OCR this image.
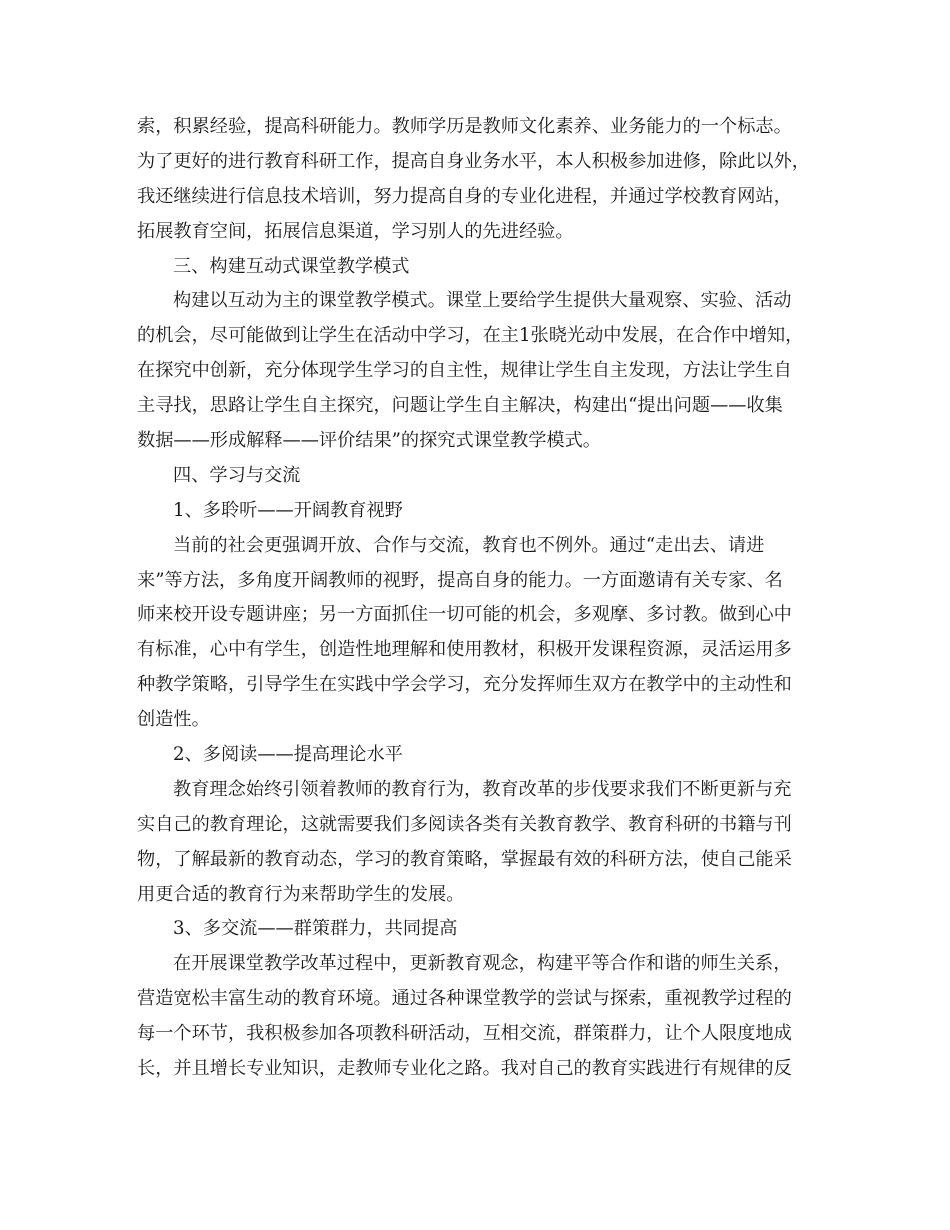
索，积累经验，提高科研能力。教师学历是教师文化素养、业务能力的一个标志。
为了更好的进行教育科研工作，提高自身业务水平，本人积极参加进修，除此以外，
我还继续进行信息技术培训，努力提高自身的专业化进程，并通过学校教育网站，
拓展教育空间，拓展信息渠道，学习别人的先进经验。
三、构建互动式课堂教学模式
构建以互动为主的课堂教学模式。课堂上要给学生提供大量观察、实验、活动
的机会，尽可能做到让学生在活动中学习，在主1张晓光动中发展，在合作中增知，
在探究中创新，充分体现学生学习的自主性，规律让学生自主发现，方法让学生自
主寻找，思路让学生自主探究，问题让学生自主解决，构建出“提出问题——收集
数据——形成解释——评价结果”的探究式课堂教学模式。
四、学习与交流
1、多聆听——开阔教育视野
当前的社会更强调开放、合作与交流，教育也不例外。通过“走出去、请进
来”等方法，多角度开阔教师的视野，提高自身的能力。一方面邀请有关专家、名
师来校开设专题讲座；另一方面抓住一切可能的机会，多观摩、多讨教。做到心中
有标准，心中有学生，创造性地理解和使用教材，积极开发课程资源，灵活运用多
种教学策略，引导学生在实践中学会学习，充分发挥师生双方在教学中的主动性和
创造性。
2、多阅读——提高理论水平
教育理念始终引领着教师的教育行为，教育改革的步伐要求我们不断更新与充
实自己的教育理论，这就需要我们多阅读各类有关教育教学、教育科研的书籍与刊
物，了解最新的教育动态，学习的教育策略，掌握最有效的科研方法，使自己能采
用更合适的教育行为来帮助学生的发展。
3、多交流——群策群力，共同提高
在开展课堂教学改革过程中，更新教育观念，构建平等合作和谐的师生关系，
营造宽松丰富生动的教育环境。通过各种课堂教学的尝试与探索，重视教学过程的
每一个环节，我积极参加各项教科研活动，互相交流，群策群力，让个人限度地成
长，并且增长专业知识，走教师专业化之路。我对自己的教育实践进行有规律的反
